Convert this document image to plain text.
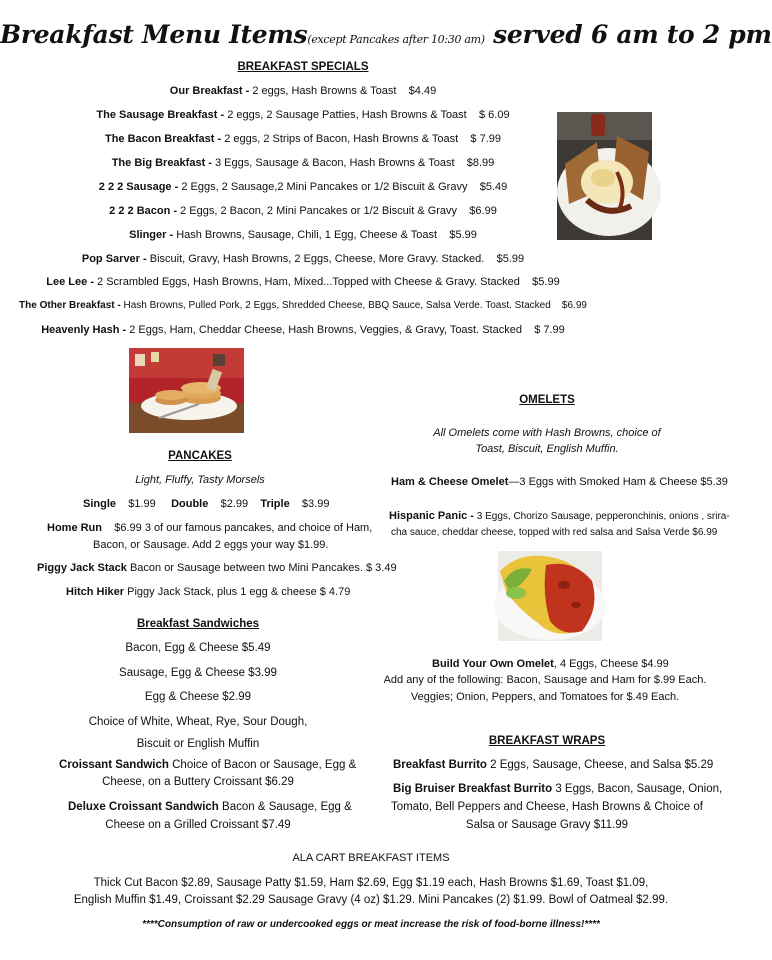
Breakfast Menu Items(except Pancakes after 10:30 am) served 6 am to 2 pm
BREAKFAST SPECIALS
Our Breakfast - 2 eggs, Hash Browns & Toast $4.49
The Sausage Breakfast - 2 eggs, 2 Sausage Patties, Hash Browns & Toast $ 6.09
The Bacon Breakfast - 2 eggs, 2 Strips of Bacon, Hash Browns & Toast $ 7.99
The Big Breakfast - 3 Eggs, Sausage & Bacon, Hash Browns & Toast $8.99
2 2 2 Sausage - 2 Eggs, 2 Sausage,2 Mini Pancakes or 1/2 Biscuit & Gravy $5.49
2 2 2 Bacon - 2 Eggs, 2 Bacon, 2 Mini Pancakes or 1/2 Biscuit & Gravy $6.99
Slinger - Hash Browns, Sausage, Chili, 1 Egg, Cheese & Toast $5.99
Pop Sarver - Biscuit, Gravy, Hash Browns, 2 Eggs, Cheese, More Gravy. Stacked. $5.99
Lee Lee - 2 Scrambled Eggs, Hash Browns, Ham, Mixed...Topped with Cheese & Gravy. Stacked $5.99
The Other Breakfast - Hash Browns, Pulled Pork, 2 Eggs, Shredded Cheese, BBQ Sauce, Salsa Verde. Toast. Stacked $6.99
Heavenly Hash - 2 Eggs, Ham, Cheddar Cheese, Hash Browns, Veggies, & Gravy, Toast. Stacked $ 7.99
PANCAKES
Light, Fluffy, Tasty Morsels
Single $1.99 Double $2.99 Triple $3.99
Home Run $6.99 3 of our famous pancakes, and choice of Ham,
Bacon, or Sausage. Add 2 eggs your way $1.99.
Piggy Jack Stack Bacon or Sausage between two Mini Pancakes. $ 3.49
Hitch Hiker Piggy Jack Stack, plus 1 egg & cheese $ 4.79
Breakfast Sandwiches
Bacon, Egg & Cheese $5.49
Sausage, Egg & Cheese $3.99
Egg & Cheese $2.99
Choice of White, Wheat, Rye, Sour Dough,
Biscuit or English Muffin
Croissant Sandwich Choice of Bacon or Sausage, Egg &
Cheese, on a Buttery Croissant $6.29
Deluxe Croissant Sandwich Bacon & Sausage, Egg &
Cheese on a Grilled Croissant $7.49
OMELETS
All Omelets come with Hash Browns, choice of
Toast, Biscuit, English Muffin.
Ham & Cheese Omelet—3 Eggs with Smoked Ham & Cheese $5.39
Hispanic Panic - 3 Eggs, Chorizo Sausage, pepperonchinis, onions , srira-
cha sauce, cheddar cheese, topped with red salsa and Salsa Verde $6.99
Build Your Own Omelet, 4 Eggs, Cheese $4.99
Add any of the following: Bacon, Sausage and Ham for $.99 Each.
Veggies; Onion, Peppers, and Tomatoes for $.49 Each.
BREAKFAST WRAPS
Breakfast Burrito 2 Eggs, Sausage, Cheese, and Salsa $5.29
Big Bruiser Breakfast Burrito 3 Eggs, Bacon, Sausage, Onion,
Tomato, Bell Peppers and Cheese, Hash Browns & Choice of
Salsa or Sausage Gravy $11.99
ALA CART BREAKFAST ITEMS
Thick Cut Bacon $2.89, Sausage Patty $1.59, Ham $2.69, Egg $1.19 each, Hash Browns $1.69, Toast $1.09,
English Muffin $1.49, Croissant $2.29 Sausage Gravy (4 oz) $1.29. Mini Pancakes (2) $1.99. Bowl of Oatmeal $2.99.
****Consumption of raw or undercooked eggs or meat increase the risk of food-borne illness!****
